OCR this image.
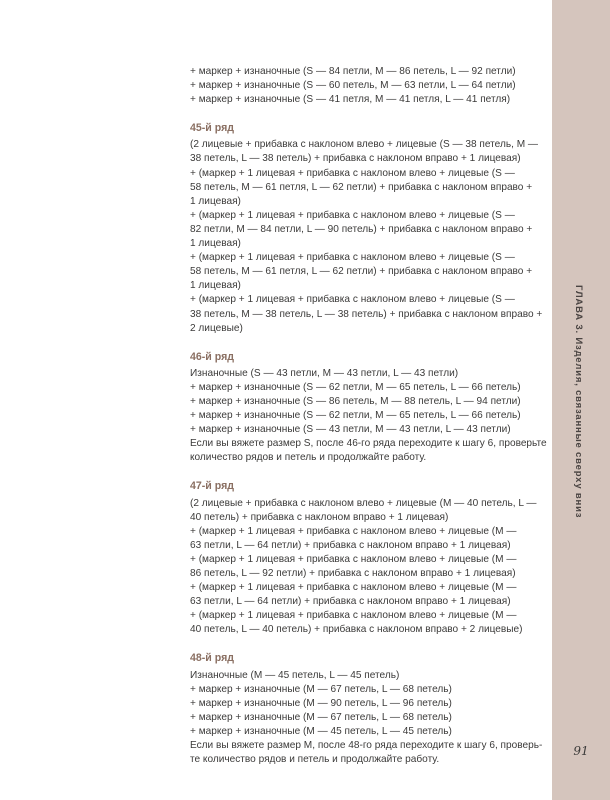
+ маркер + изнаночные (S — 84 петли, M — 86 петель, L — 92 петли)
+ маркер + изнаночные (S — 60 петель, M — 63 петли, L — 64 петли)
+ маркер + изнаночные (S — 41 петля, M — 41 петля, L — 41 петля)
45-й ряд
(2 лицевые + прибавка с наклоном влево + лицевые (S — 38 петель, M —
38 петель, L — 38 петель) + прибавка с наклоном вправо + 1 лицевая)
+ (маркер + 1 лицевая + прибавка с наклоном влево + лицевые (S —
58 петель, M — 61 петля, L — 62 петли) + прибавка с наклоном вправо +
1 лицевая)
+ (маркер + 1 лицевая + прибавка с наклоном влево + лицевые (S —
82 петли, M — 84 петли, L — 90 петель) + прибавка с наклоном вправо +
1 лицевая)
+ (маркер + 1 лицевая + прибавка с наклоном влево + лицевые (S —
58 петель, M — 61 петля, L — 62 петли) + прибавка с наклоном вправо +
1 лицевая)
+ (маркер + 1 лицевая + прибавка с наклоном влево + лицевые (S —
38 петель, M — 38 петель, L — 38 петель) + прибавка с наклоном вправо +
2 лицевые)
46-й ряд
Изнаночные (S — 43 петли, M — 43 петли, L — 43 петли)
+ маркер + изнаночные (S — 62 петли, M — 65 петель, L — 66 петель)
+ маркер + изнаночные (S — 86 петель, M — 88 петель, L — 94 петли)
+ маркер + изнаночные (S — 62 петли, M — 65 петель, L — 66 петель)
+ маркер + изнаночные (S — 43 петли, M — 43 петли, L — 43 петли)
Если вы вяжете размер S, после 46-го ряда переходите к шагу 6, проверьте
количество рядов и петель и продолжайте работу.
47-й ряд
(2 лицевые + прибавка с наклоном влево + лицевые (M — 40 петель, L —
40 петель) + прибавка с наклоном вправо + 1 лицевая)
+ (маркер + 1 лицевая + прибавка с наклоном влево + лицевые (M —
63 петли, L — 64 петли) + прибавка с наклоном вправо + 1 лицевая)
+ (маркер + 1 лицевая + прибавка с наклоном влево + лицевые (M —
86 петель, L — 92 петли) + прибавка с наклоном вправо + 1 лицевая)
+ (маркер + 1 лицевая + прибавка с наклоном влево + лицевые (M —
63 петли, L — 64 петли) + прибавка с наклоном вправо + 1 лицевая)
+ (маркер + 1 лицевая + прибавка с наклоном влево + лицевые (M —
40 петель, L — 40 петель) + прибавка с наклоном вправо + 2 лицевые)
48-й ряд
Изнаночные (M — 45 петель, L — 45 петель)
+ маркер + изнаночные (M — 67 петель, L — 68 петель)
+ маркер + изнаночные (M — 90 петель, L — 96 петель)
+ маркер + изнаночные (M — 67 петель, L — 68 петель)
+ маркер + изнаночные (M — 45 петель, L — 45 петель)
Если вы вяжете размер M, после 48-го ряда переходите к шагу 6, проверь-
те количество рядов и петель и продолжайте работу.
ГЛАВА 3. Изделия, связанные сверху вниз
91
